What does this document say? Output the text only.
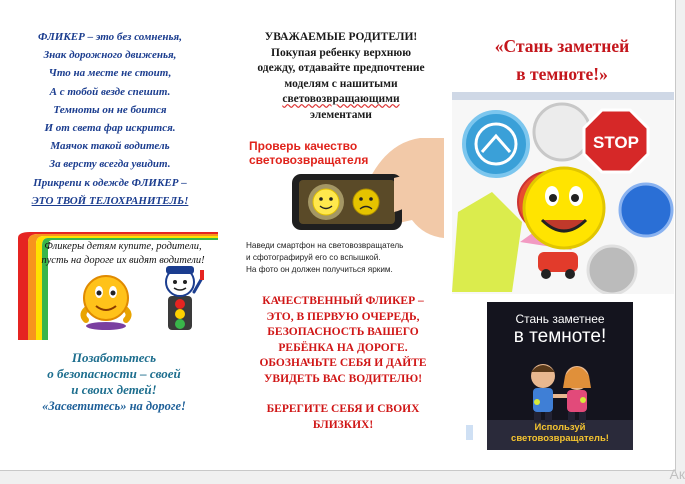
ФЛИКЕР – это без сомненья,
Знак дорожного движенья,
Что на месте не стоит,
А с тобой везде спешит.
Темноты он не боится
И от света фар искрится.
Маячок такой водитель
За версту всегда увидит.
Прикрепи к одежде ФЛИКЕР –
ЭТО ТВОЙ ТЕЛОХРАНИТЕЛЬ!
Фликеры детям купите, родители,
пусть на дороге их видят водители!
Позаботьтесь
о безопасности – своей
и своих детей!
«Засветитесь» на дороге!
УВАЖАЕМЫЕ РОДИТЕЛИ!
Покупая ребенку верхнюю
одежду, отдавайте предпочтение
моделям с нашитыми
световозвращающими
элементами
Проверь качество
световозвращателя
Наведи смартфон на световозвращатель
и сфотографируй его со вспышкой.
На фото он должен получиться ярким.
КАЧЕСТВЕННЫЙ ФЛИКЕР –
ЭТО, В ПЕРВУЮ ОЧЕРЕДЬ,
БЕЗОПАСНОСТЬ ВАШЕГО
РЕБЁНКА НА ДОРОГЕ.
ОБОЗНАЧЬТЕ СЕБЯ И ДАЙТЕ
УВИДЕТЬ ВАС ВОДИТЕЛЮ!
БЕРЕГИТЕ СЕБЯ И СВОИХ
БЛИЗКИХ!
«Стань заметней
в темноте!»
STOP
Стань заметнее
в темноте!
Используй
световозвращатель!
Ак
